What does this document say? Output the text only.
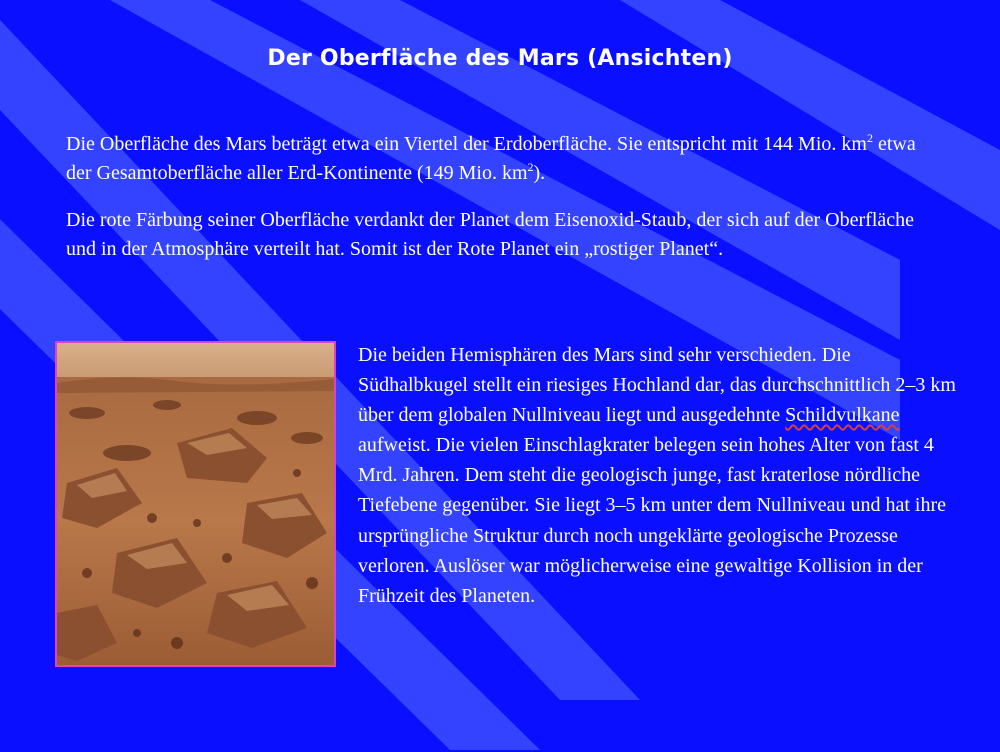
Der Oberfläche des Mars (Ansichten)
Die Oberfläche des Mars beträgt etwa ein Viertel der Erdoberfläche. Sie entspricht mit 144 Mio. $km^2$ etwa der Gesamtoberfläche aller Erd-Kontinente (149 Mio. $km^2$).
Die rote Färbung seiner Oberfläche verdankt der Planet dem Eisenoxid-Staub, der sich auf der Oberfläche und in der Atmosphäre verteilt hat. Somit ist der Rote Planet ein „rostiger Planet“.
Die beiden Hemisphären des Mars sind sehr verschieden. Die Südhalbkugel stellt ein riesiges Hochland dar, das durchschnittlich 2–3 km über dem globalen Nullniveau liegt und ausgedehnte Schildvulkane aufweist. Die vielen Einschlagkrater belegen sein hohes Alter von fast 4 Mrd. Jahren. Dem steht die geologisch junge, fast kraterlose nördliche Tiefebene gegenüber. Sie liegt 3–5 km unter dem Nullniveau und hat ihre ursprüngliche Struktur durch noch ungeklärte geologische Prozesse verloren. Auslöser war möglicherweise eine gewaltige Kollision in der Frühzeit des Planeten.
